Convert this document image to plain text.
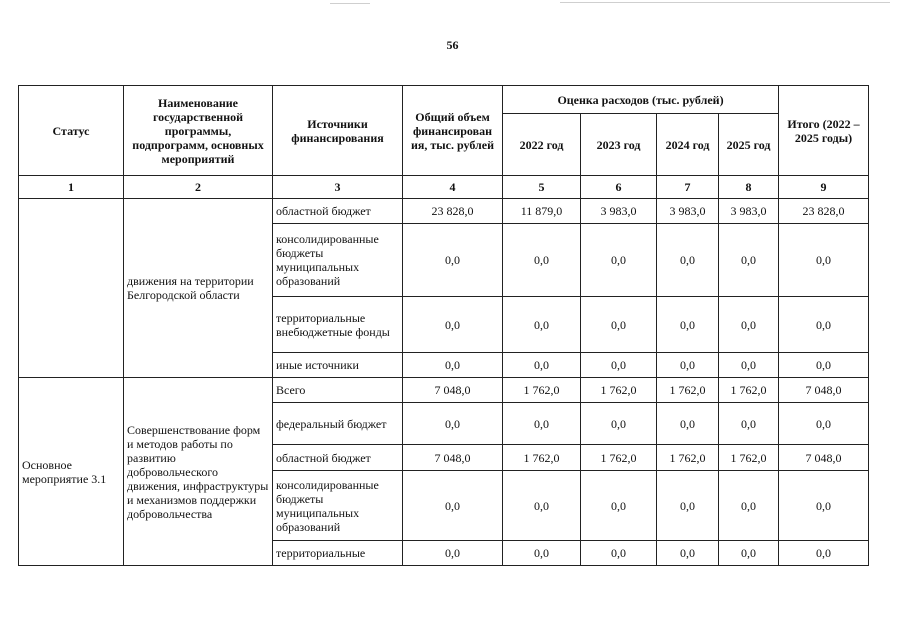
56
Статус	Наименование государственной программы, подпрограмм, основных мероприятий	Источники финансирования	Общий объем финансирован ия, тыс. рублей	Оценка расходов (тыс. рублей)				Итого (2022 – 2025 годы)
				2022 год	2023 год	2024 год	2025 год	
1	2	3	4	5	6	7	8	9
	движения на территории Белгородской области	областной бюджет	23 828,0	11 879,0	3 983,0	3 983,0	3 983,0	23 828,0
		консолидированные бюджеты муниципальных образований	0,0	0,0	0,0	0,0	0,0	0,0
		территориальные внебюджетные фонды	0,0	0,0	0,0	0,0	0,0	0,0
		иные источники	0,0	0,0	0,0	0,0	0,0	0,0
Основное мероприятие 3.1	Совершенствование форм и методов работы по развитию добровольческого движения, инфраструктуры и механизмов поддержки добровольчества	Всего	7 048,0	1 762,0	1 762,0	1 762,0	1 762,0	7 048,0
		федеральный бюджет	0,0	0,0	0,0	0,0	0,0	0,0
		областной бюджет	7 048,0	1 762,0	1 762,0	1 762,0	1 762,0	7 048,0
		консолидированные бюджеты муниципальных образований	0,0	0,0	0,0	0,0	0,0	0,0
		территориальные	0,0	0,0	0,0	0,0	0,0	0,0
